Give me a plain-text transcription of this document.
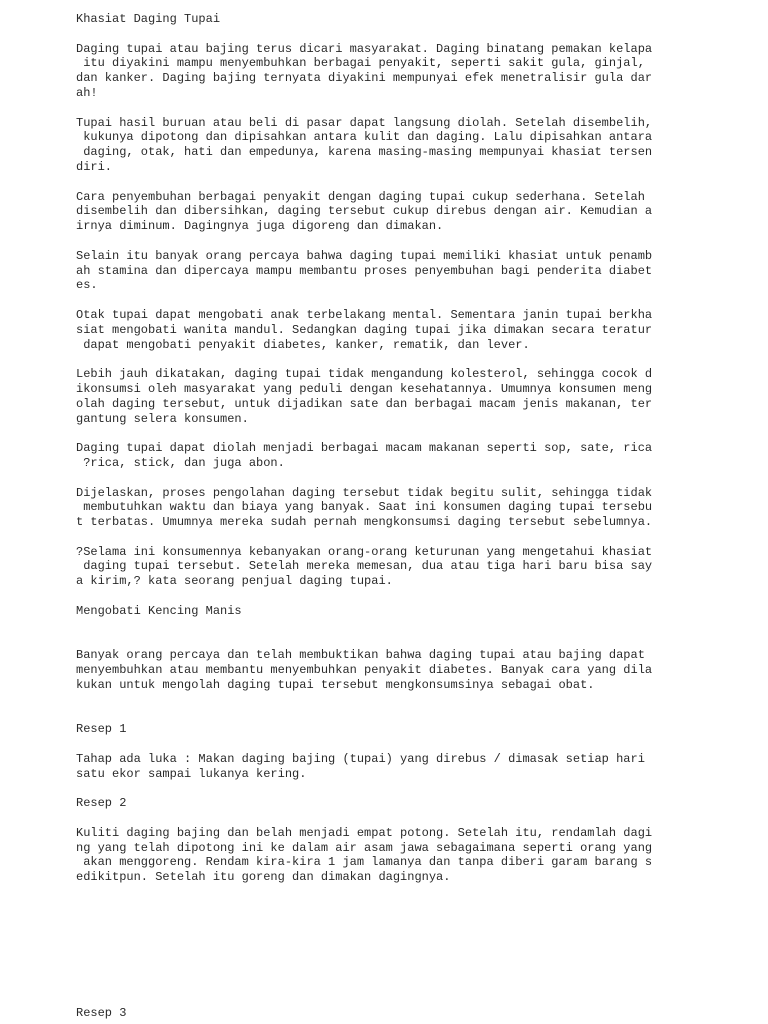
Khasiat Daging Tupai
Daging tupai atau bajing terus dicari masyarakat. Daging binatang pemakan kelapa
itu diyakini mampu menyembuhkan berbagai penyakit, seperti sakit gula, ginjal,
dan kanker. Daging bajing ternyata diyakini mempunyai efek menetralisir gula dar
ah!
Tupai hasil buruan atau beli di pasar dapat langsung diolah. Setelah disembelih,
kukunya dipotong dan dipisahkan antara kulit dan daging. Lalu dipisahkan antara
daging, otak, hati dan empedunya, karena masing-masing mempunyai khasiat tersen
diri.
Cara penyembuhan berbagai penyakit dengan daging tupai cukup sederhana. Setelah
disembelih dan dibersihkan, daging tersebut cukup direbus dengan air. Kemudian a
irnya diminum. Dagingnya juga digoreng dan dimakan.
Selain itu banyak orang percaya bahwa daging tupai memiliki khasiat untuk penamb
ah stamina dan dipercaya mampu membantu proses penyembuhan bagi penderita diabet
es.
Otak tupai dapat mengobati anak terbelakang mental. Sementara janin tupai berkha
siat mengobati wanita mandul. Sedangkan daging tupai jika dimakan secara teratur
dapat mengobati penyakit diabetes, kanker, rematik, dan lever.
Lebih jauh dikatakan, daging tupai tidak mengandung kolesterol, sehingga cocok d
ikonsumsi oleh masyarakat yang peduli dengan kesehatannya. Umumnya konsumen meng
olah daging tersebut, untuk dijadikan sate dan berbagai macam jenis makanan, ter
gantung selera konsumen.
Daging tupai dapat diolah menjadi berbagai macam makanan seperti sop, sate, rica
?rica, stick, dan juga abon.
Dijelaskan, proses pengolahan daging tersebut tidak begitu sulit, sehingga tidak
membutuhkan waktu dan biaya yang banyak. Saat ini konsumen daging tupai tersebu
t terbatas. Umumnya mereka sudah pernah mengkonsumsi daging tersebut sebelumnya.
?Selama ini konsumennya kebanyakan orang-orang keturunan yang mengetahui khasiat
daging tupai tersebut. Setelah mereka memesan, dua atau tiga hari baru bisa say
a kirim,? kata seorang penjual daging tupai.
Mengobati Kencing Manis
Banyak orang percaya dan telah membuktikan bahwa daging tupai atau bajing dapat
menyembuhkan atau membantu menyembuhkan penyakit diabetes. Banyak cara yang dila
kukan untuk mengolah daging tupai tersebut mengkonsumsinya sebagai obat.
Resep 1
Tahap ada luka : Makan daging bajing (tupai) yang direbus / dimasak setiap hari
satu ekor sampai lukanya kering.
Resep 2
Kuliti daging bajing dan belah menjadi empat potong. Setelah itu, rendamlah dagi
ng yang telah dipotong ini ke dalam air asam jawa sebagaimana seperti orang yang
akan menggoreng. Rendam kira-kira 1 jam lamanya dan tanpa diberi garam barang s
edikitpun. Setelah itu goreng dan dimakan dagingnya.
Resep 3
